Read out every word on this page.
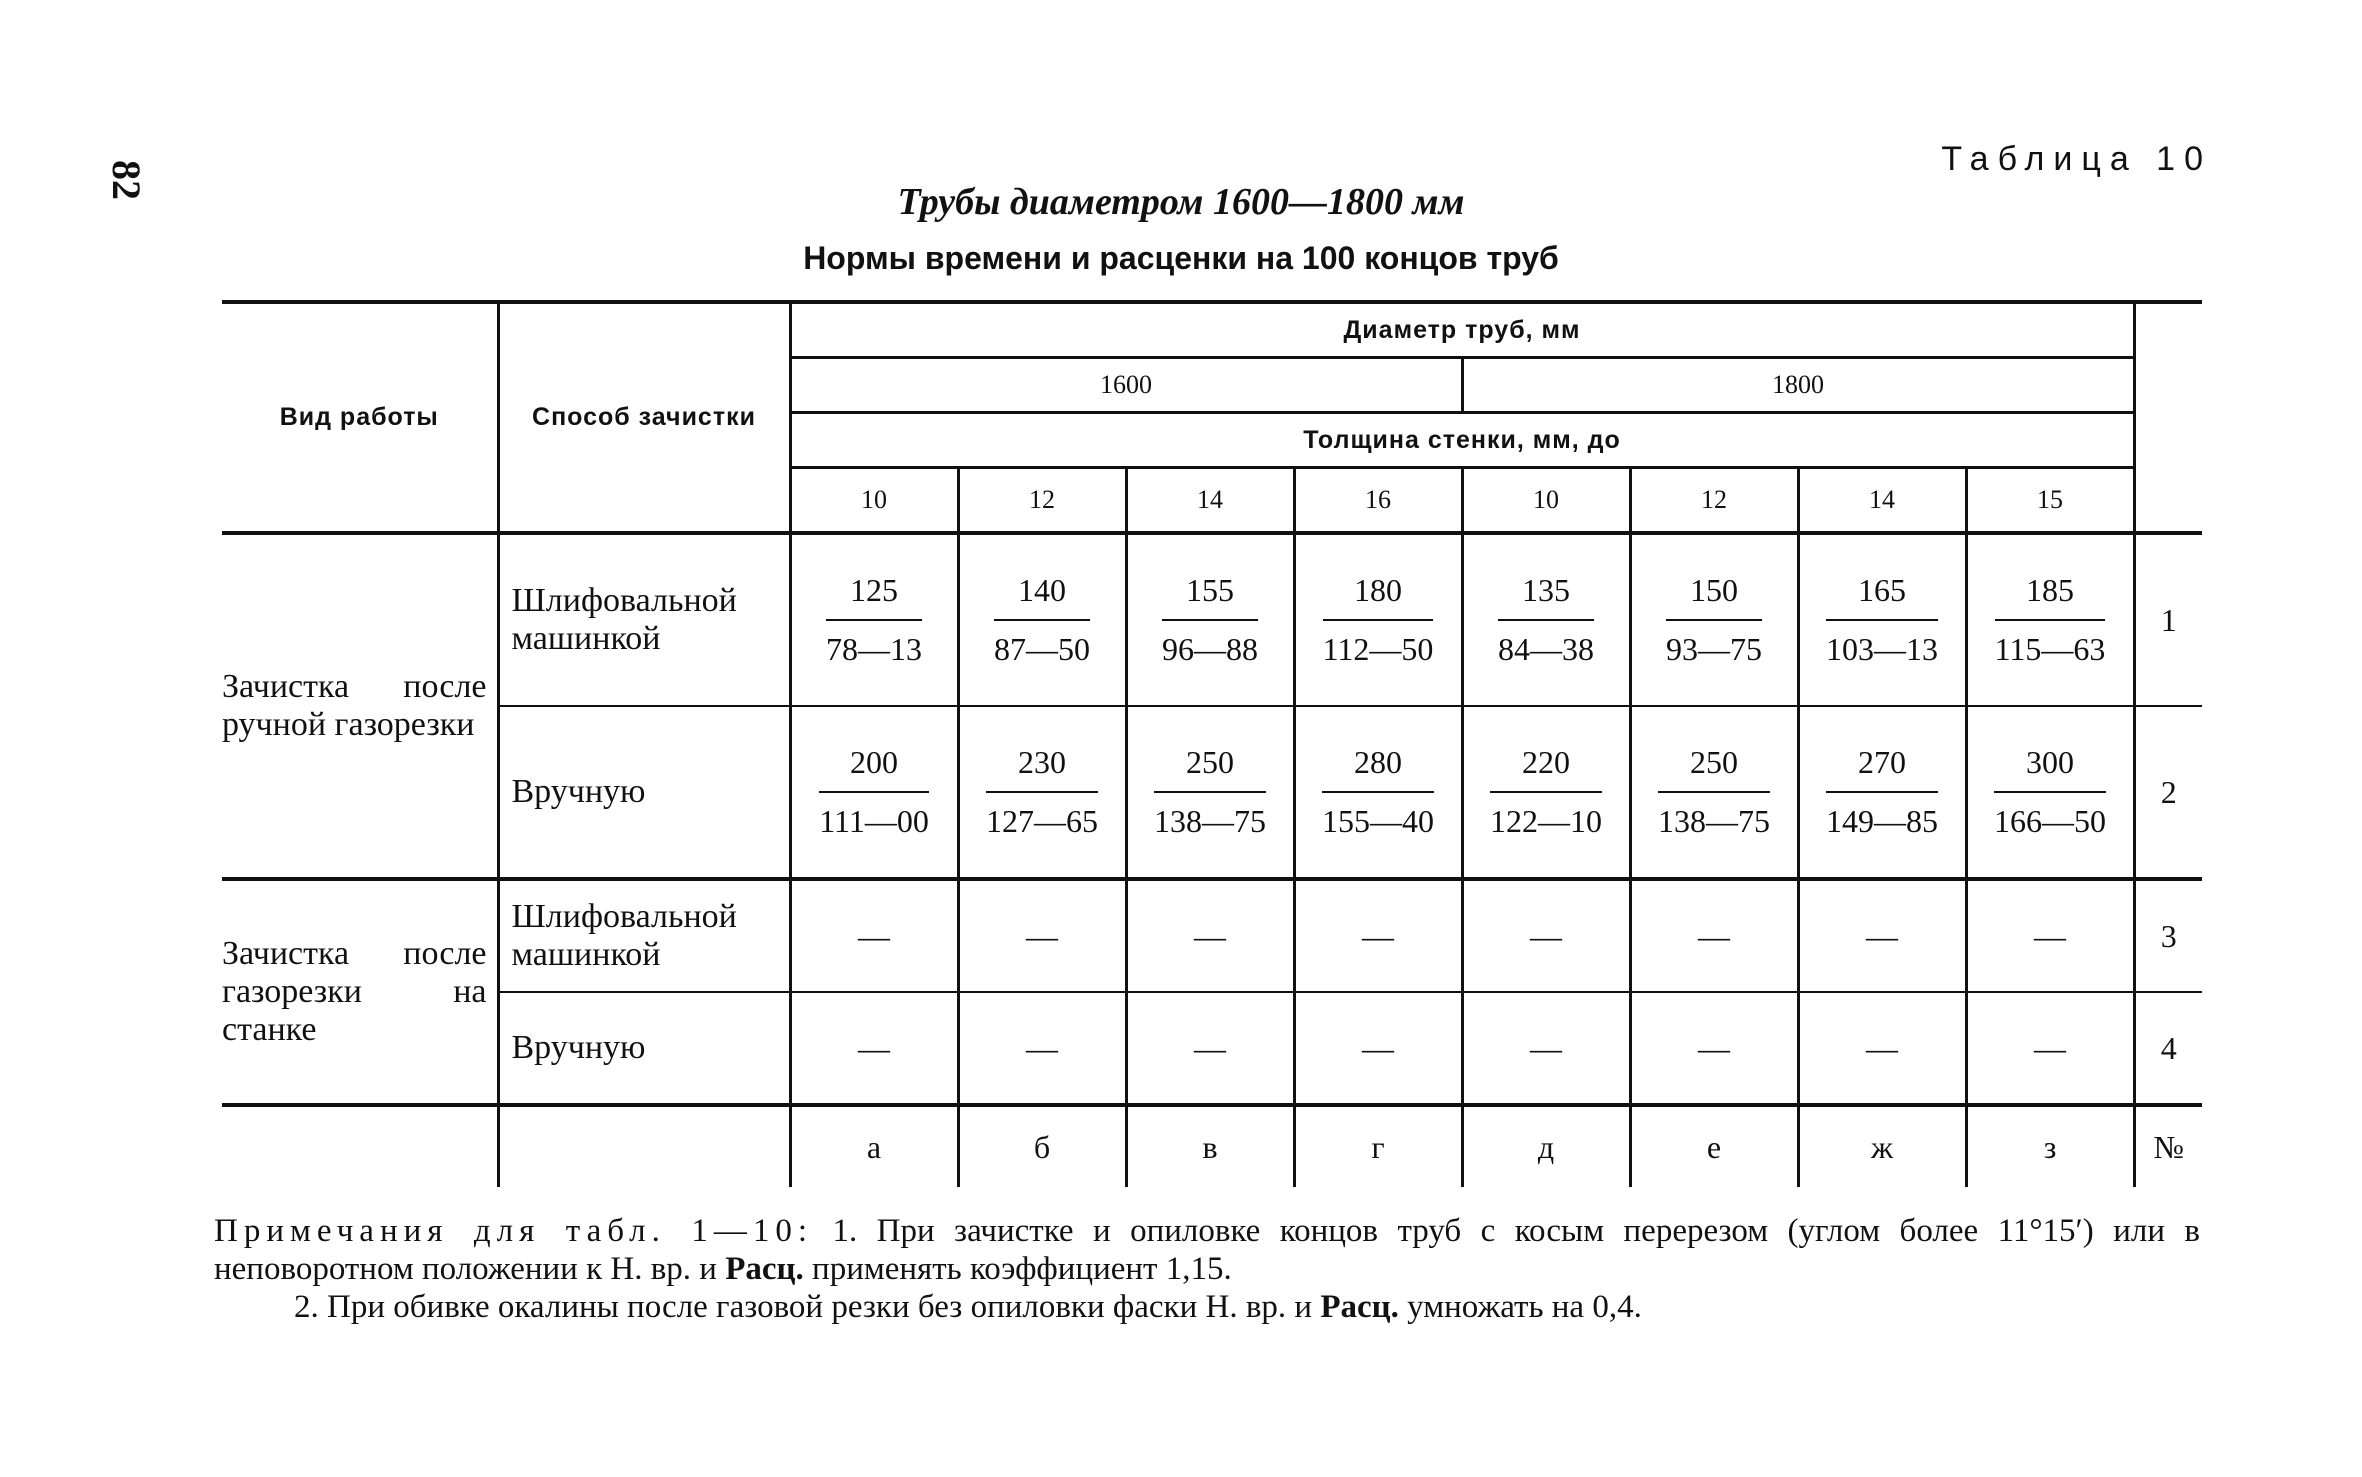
82
Таблица 10
Трубы диаметром 1600—1800 мм
Нормы времени и расценки на 100 концов труб
Вид работы	Способ зачистки	Диаметр труб, мм								
		1600				1800				
		Толщина стенки, мм, до								
		10	12	14	16	10	12	14	15	
Зачистка после ручной газорезки	Шлифовальной машинкой	$\frac{125}{78—13}$	$\frac{140}{87—50}$	$\frac{155}{96—88}$	$\frac{180}{112—50}$	$\frac{135}{84—38}$	$\frac{150}{93—75}$	$\frac{165}{103—13}$	$\frac{185}{115—63}$	1
	Вручную	$\frac{200}{111—00}$	$\frac{230}{127—65}$	$\frac{250}{138—75}$	$\frac{280}{155—40}$	$\frac{220}{122—10}$	$\frac{250}{138—75}$	$\frac{270}{149—85}$	$\frac{300}{166—50}$	2
Зачистка после газорезки на станке	Шлифовальной машинкой	—	—	—	—	—	—	—	—	3
	Вручную	—	—	—	—	—	—	—	—	4
		а	б	в	г	д	е	ж	з	№

Примечания для табл. 1—10: 1. При зачистке и опиловке концов труб с косым перерезом (углом более 11°15′) или в неповоротном положении к Н. вр. и Расц. применять коэффициент 1,15.

2. При обивке окалины после газовой резки без опиловки фаски Н. вр. и Расц. умножать на 0,4.
